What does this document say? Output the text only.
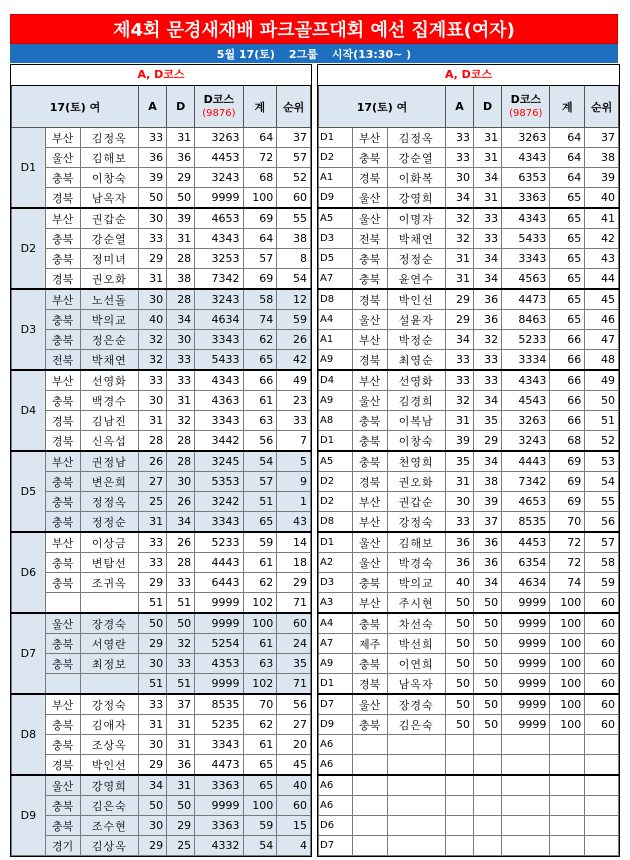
제4회 문경새재배 파크골프대회 예선 집계표(여자)
5월 17(토) 2그룹 시작(13:30~ )
A, D코스
17(토) 여			A	D	D코스
(9876)	계	순위
D1	부산	김정옥	33	31	3263	64	37
	울산	김해보	36	36	4453	72	57
	충북	이창숙	39	29	3243	68	52
	경북	남옥자	50	50	9999	100	60
D2	부산	권갑순	30	39	4653	69	55
	충북	강순열	33	31	4343	64	38
	충북	정미녀	29	28	3253	57	8
	경북	권오화	31	38	7342	69	54
D3	부산	노선돌	30	28	3243	58	12
	충북	박의교	40	34	4634	74	59
	충북	정은순	32	30	3343	62	26
	전북	박채연	32	33	5433	65	42
D4	부산	선영화	33	33	4343	66	49
	충북	백경수	30	31	4363	61	23
	경북	김남진	31	32	3343	63	33
	경북	신옥섭	28	28	3442	56	7
D5	부산	권정남	26	28	3245	54	5
	충북	변은희	27	30	5353	57	9
	충북	정정옥	25	26	3242	51	1
	충북	정정순	31	34	3343	65	43
D6	부산	이상금	33	26	5233	59	14
	충북	변탐선	33	28	4443	61	18
	충북	조귀옥	29	33	6443	62	29
			51	51	9999	102	71
D7	울산	장경숙	50	50	9999	100	60
	충북	서영란	29	32	5254	61	24
	충북	최정보	30	33	4353	63	35
			51	51	9999	102	71
D8	부산	강정숙	33	37	8535	70	56
	충북	김애자	31	31	5235	62	27
	충북	조상옥	30	31	3343	61	20
	경북	박인선	29	36	4473	65	45
D9	울산	강영희	34	31	3363	65	40
	충북	김은숙	50	50	9999	100	60
	충북	조수현	30	29	3363	59	15
	경기	김상옥	29	25	4332	54	4
A, D코스
17(토) 여			A	D	D코스
(9876)	계	순위
D1	부산	김정옥	33	31	3263	64	37
D2	충북	강순열	33	31	4343	64	38
A1	경북	이화복	30	34	6353	64	39
D9	울산	강영희	34	31	3363	65	40
A5	울산	이명자	32	33	4343	65	41
D3	전북	박채연	32	33	5433	65	42
D5	충북	정정순	31	34	3343	65	43
A7	충북	윤연수	31	34	4563	65	44
D8	경북	박인선	29	36	4473	65	45
A4	울산	설윤자	29	36	8463	65	46
A1	부산	박정순	34	32	5233	66	47
A9	경북	최영순	33	33	3334	66	48
D4	부산	선영화	33	33	4343	66	49
A9	울산	김경희	32	34	4543	66	50
A8	충북	이복남	31	35	3263	66	51
D1	충북	이창숙	39	29	3243	68	52
A5	충북	천영희	35	34	4443	69	53
D2	경북	권오화	31	38	7342	69	54
D2	부산	권갑순	30	39	4653	69	55
D8	부산	강정숙	33	37	8535	70	56
D1	울산	김해보	36	36	4453	72	57
A2	울산	박경숙	36	36	6354	72	58
D3	충북	박의교	40	34	4634	74	59
A3	부산	주시현	50	50	9999	100	60
A4	충북	차선숙	50	50	9999	100	60
A7	제주	박선희	50	50	9999	100	60
A9	충북	이연희	50	50	9999	100	60
D1	경북	남옥자	50	50	9999	100	60
D7	울산	장경숙	50	50	9999	100	60
D9	충북	김은숙	50	50	9999	100	60
A6							
A6							
A6							
A6							
D6							
D7							
